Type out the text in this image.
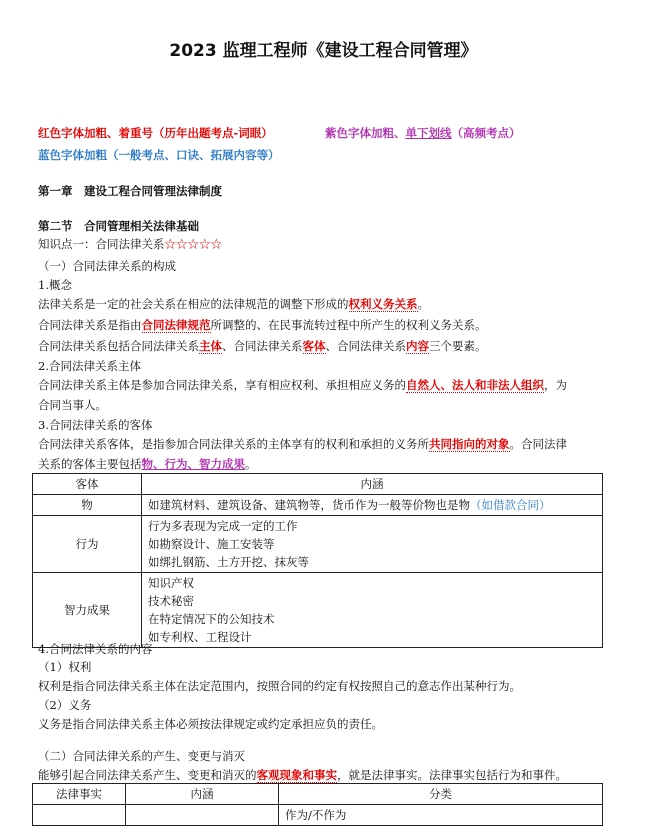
2023 监理工程师《建设工程合同管理》
红色字体加粗、着重号（历年出题考点-词眼）	紫色字体加粗、单下划线（高频考点）
蓝色字体加粗（一般考点、口诀、拓展内容等）
第一章　建设工程合同管理法律制度
第二节　合同管理相关法律基础
知识点一：合同法律关系☆☆☆☆☆
（一）合同法律关系的构成
1.概念
法律关系是一定的社会关系在相应的法律规范的调整下形成的权利义务关系。
合同法律关系是指由合同法律规范所调整的、在民事流转过程中所产生的权利义务关系。
合同法律关系包括合同法律关系主体、合同法律关系客体、合同法律关系内容三个要素。
2.合同法律关系主体
合同法律关系主体是参加合同法律关系，享有相应权利、承担相应义务的自然人、法人和非法人组织，为
合同当事人。
3.合同法律关系的客体
合同法律关系客体，是指参加合同法律关系的主体享有的权利和承担的义务所共同指向的对象。合同法律
关系的客体主要包括物、行为、智力成果。
客体	内涵
物	如建筑材料、建筑设备、建筑物等，货币作为一般等价物也是物（如借款合同）
行为	行为多表现为完成一定的工作
如勘察设计、施工安装等
如绑扎钢筋、土方开挖、抹灰等

智力成果	知识产权
技术秘密
在特定情况下的公知技术
如专利权、工程设计
4.合同法律关系的内容
（1）权利
权利是指合同法律关系主体在法定范围内，按照合同的约定有权按照自己的意志作出某种行为。
（2）义务
义务是指合同法律关系主体必须按法律规定或约定承担应负的责任。
（二）合同法律关系的产生、变更与消灭
能够引起合同法律关系产生、变更和消灭的客观现象和事实，就是法律事实。法律事实包括行为和事件。
法律事实	内涵	分类
		作为/不作为
